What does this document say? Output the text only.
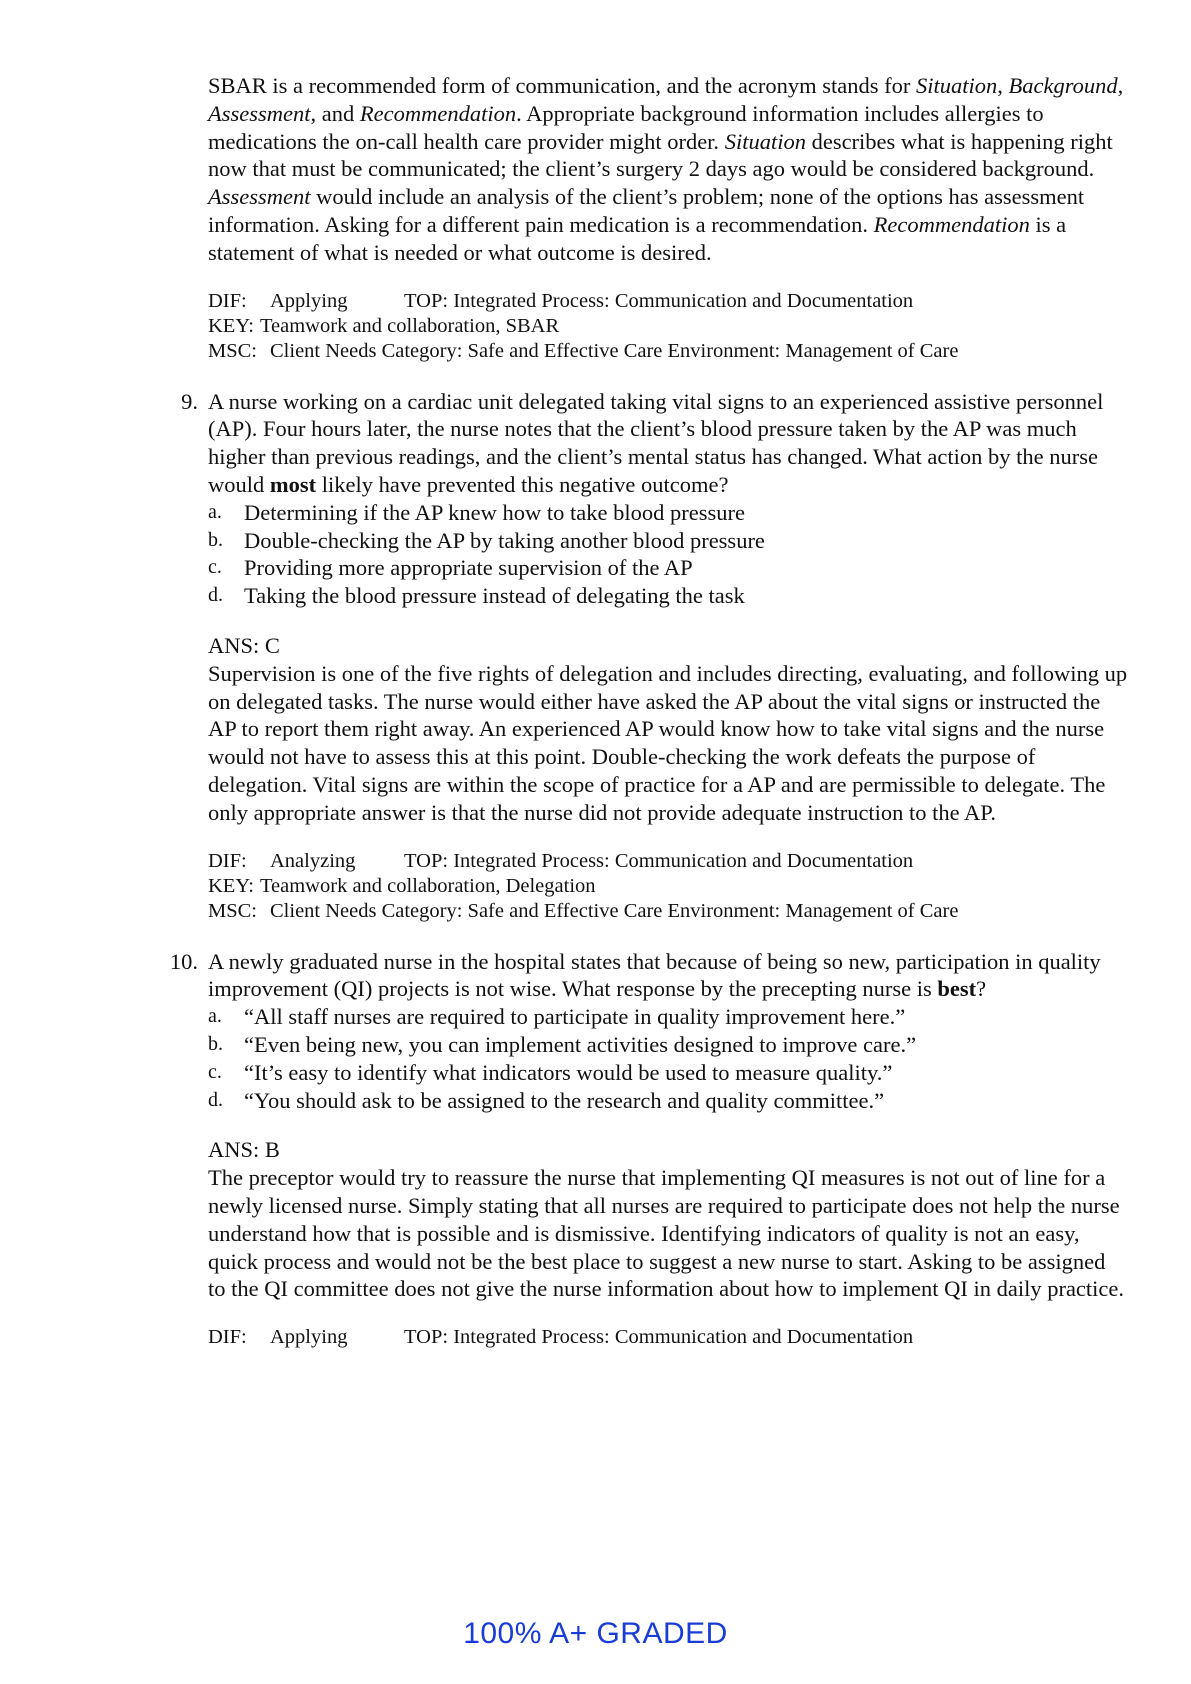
SBAR is a recommended form of communication, and the acronym stands for Situation, Background, Assessment, and Recommendation. Appropriate background information includes allergies to medications the on-call health care provider might order. Situation describes what is happening right now that must be communicated; the client’s surgery 2 days ago would be considered background. Assessment would include an analysis of the client’s problem; none of the options has assessment information. Asking for a different pain medication is a recommendation. Recommendation is a statement of what is needed or what outcome is desired.

DIF:	Applying	TOP:
Integrated Process: Communication and Documentation
KEY: Teamwork and collaboration, SBAR
MSC: Client Needs Category: Safe and Effective Care Environment: Management of Care
9. A nurse working on a cardiac unit delegated taking vital signs to an experienced assistive personnel (AP). Four hours later, the nurse notes that the client’s blood pressure taken by the AP was much higher than previous readings, and the client’s mental status has changed. What action by the nurse would most likely have prevented this negative outcome?

a. Determining if the AP knew how to take blood pressure
b. Double-checking the AP by taking another blood pressure
c. Providing more appropriate supervision of the AP
d. Taking the blood pressure instead of delegating the task
ANS: C

Supervision is one of the five rights of delegation and includes directing, evaluating, and following up on delegated tasks. The nurse would either have asked the AP about the vital signs or instructed the AP to report them right away. An experienced AP would know how to take vital signs and the nurse would not have to assess this at this point. Double-checking the work defeats the purpose of delegation. Vital signs are within the scope of practice for a AP and are permissible to delegate. The only appropriate answer is that the nurse did not provide adequate instruction to the AP.

DIF:	Analyzing	TOP:
Integrated Process: Communication and Documentation
KEY: Teamwork and collaboration, Delegation
MSC: Client Needs Category: Safe and Effective Care Environment: Management of Care
10. A newly graduated nurse in the hospital states that because of being so new, participation in quality improvement (QI) projects is not wise. What response by the precepting nurse is best?

a. “All staff nurses are required to participate in quality improvement here.”
b. “Even being new, you can implement activities designed to improve care.”
c. “It’s easy to identify what indicators would be used to measure quality.”
d. “You should ask to be assigned to the research and quality committee.”
ANS: B

The preceptor would try to reassure the nurse that implementing QI measures is not out of line for a newly licensed nurse. Simply stating that all nurses are required to participate does not help the nurse understand how that is possible and is dismissive. Identifying indicators of quality is not an easy, quick process and would not be the best place to suggest a new nurse to start. Asking to be assigned to the QI committee does not give the nurse information about how to implement QI in daily practice.

DIF:	Applying	TOP:
Integrated Process: Communication and Documentation
100% A+ GRADED
